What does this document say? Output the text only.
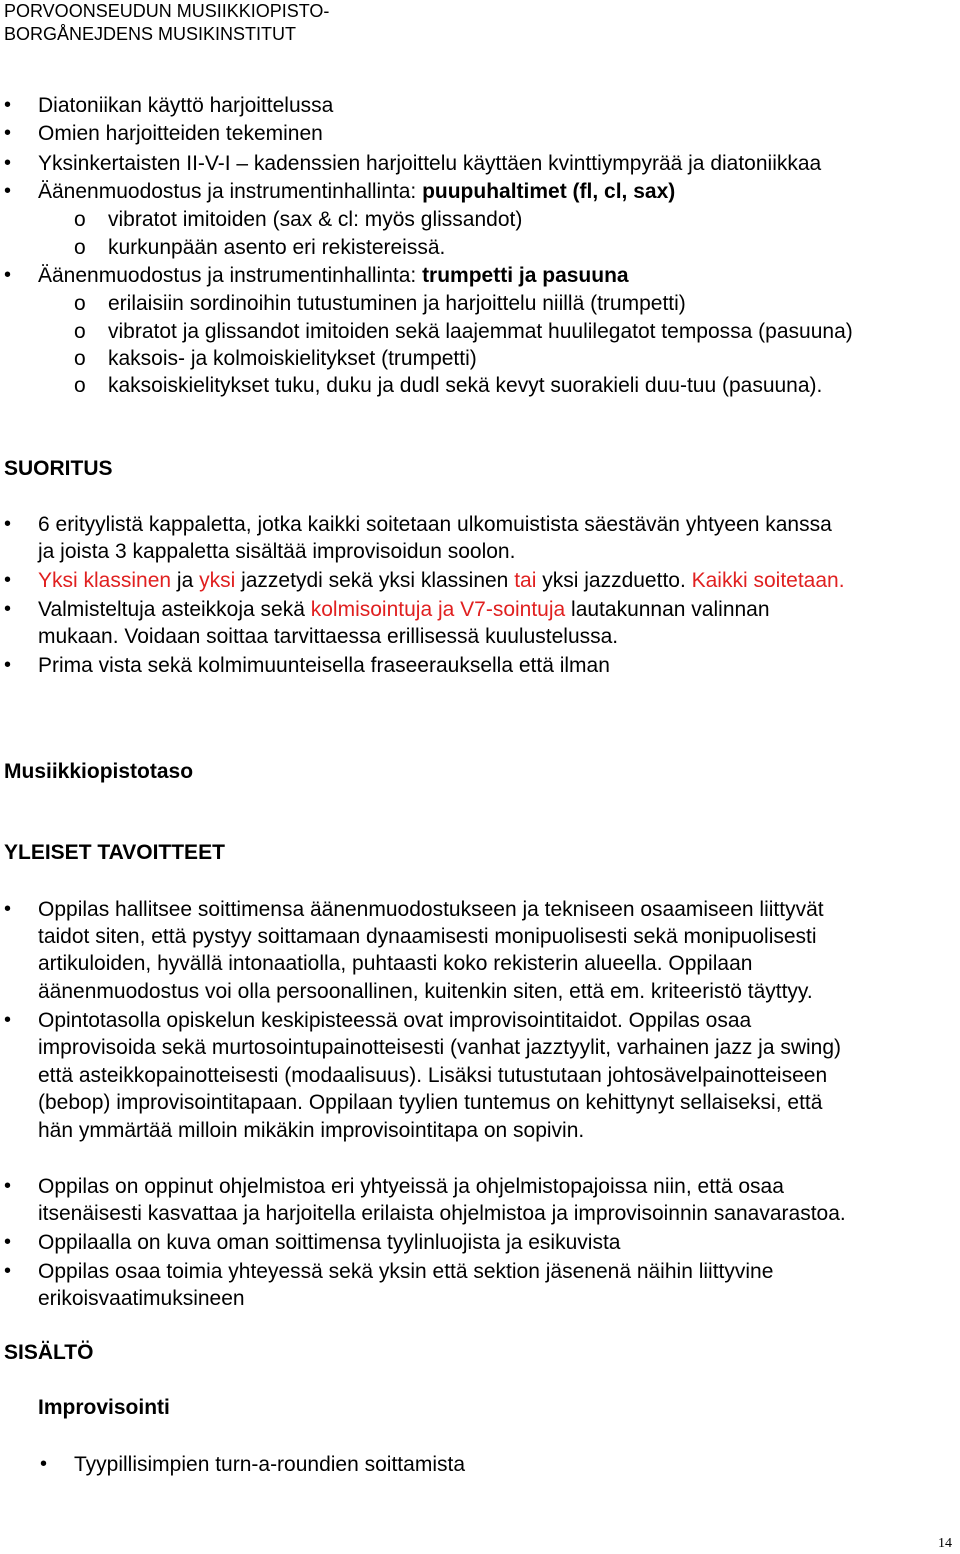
PORVOONSEUDUN MUSIIKKIOPISTO-
BORGÅNEJDENS MUSIKINSTITUT
• Diatoniikan käyttö harjoittelussa
• Omien harjoitteiden tekeminen
• Yksinkertaisten II-V-I – kadenssien harjoittelu käyttäen kvinttiympyrää ja diatoniikkaa
• Äänenmuodostus ja instrumentinhallinta: puupuhaltimet (fl, cl, sax)
o vibratot imitoiden (sax & cl: myös glissandot)
o kurkunpään asento eri rekistereissä.
• Äänenmuodostus ja instrumentinhallinta: trumpetti ja pasuuna
o erilaisiin sordinoihin tutustuminen ja harjoittelu niillä (trumpetti)
o vibratot ja glissandot imitoiden sekä laajemmat huulilegatot tempossa (pasuuna)
o kaksois- ja kolmoiskielitykset (trumpetti)
o kaksoiskielitykset tuku, duku ja dudl sekä kevyt suorakieli duu-tuu (pasuuna).
SUORITUS
• 6 erityylistä kappaletta, jotka kaikki soitetaan ulkomuistista säestävän yhtyeen kanssa
ja joista 3 kappaletta sisältää improvisoidun soolon.
• Yksi klassinen ja yksi jazzetydi sekä yksi klassinen tai yksi jazzduetto. Kaikki soitetaan.
• Valmisteltuja asteikkoja sekä kolmisointuja ja V7-sointuja lautakunnan valinnan
mukaan. Voidaan soittaa tarvittaessa erillisessä kuulustelussa.
• Prima vista sekä kolmimuunteisella fraseerauksella että ilman
Musiikkiopistotaso
YLEISET TAVOITTEET
• Oppilas hallitsee soittimensa äänenmuodostukseen ja tekniseen osaamiseen liittyvät
taidot siten, että pystyy soittamaan dynaamisesti monipuolisesti sekä monipuolisesti
artikuloiden, hyvällä intonaatiolla, puhtaasti koko rekisterin alueella. Oppilaan
äänenmuodostus voi olla persoonallinen, kuitenkin siten, että em. kriteeristö täyttyy.
• Opintotasolla opiskelun keskipisteessä ovat improvisointitaidot. Oppilas osaa
improvisoida sekä murtosointupainotteisesti (vanhat jazztyylit, varhainen jazz ja swing)
että asteikkopainotteisesti (modaalisuus). Lisäksi tutustutaan johtosävelpainotteiseen
(bebop) improvisointitapaan. Oppilaan tyylien tuntemus on kehittynyt sellaiseksi, että
hän ymmärtää milloin mikäkin improvisointitapa on sopivin.
• Oppilas on oppinut ohjelmistoa eri yhtyeissä ja ohjelmistopajoissa niin, että osaa
itsenäisesti kasvattaa ja harjoitella erilaista ohjelmistoa ja improvisoinnin sanavarastoa.
• Oppilaalla on kuva oman soittimensa tyylinluojista ja esikuvista
• Oppilas osaa toimia yhteyessä sekä yksin että sektion jäsenenä näihin liittyvine
erikoisvaatimuksineen
SISÄLTÖ
Improvisointi
• Tyypillisimpien turn-a-roundien soittamista
14
